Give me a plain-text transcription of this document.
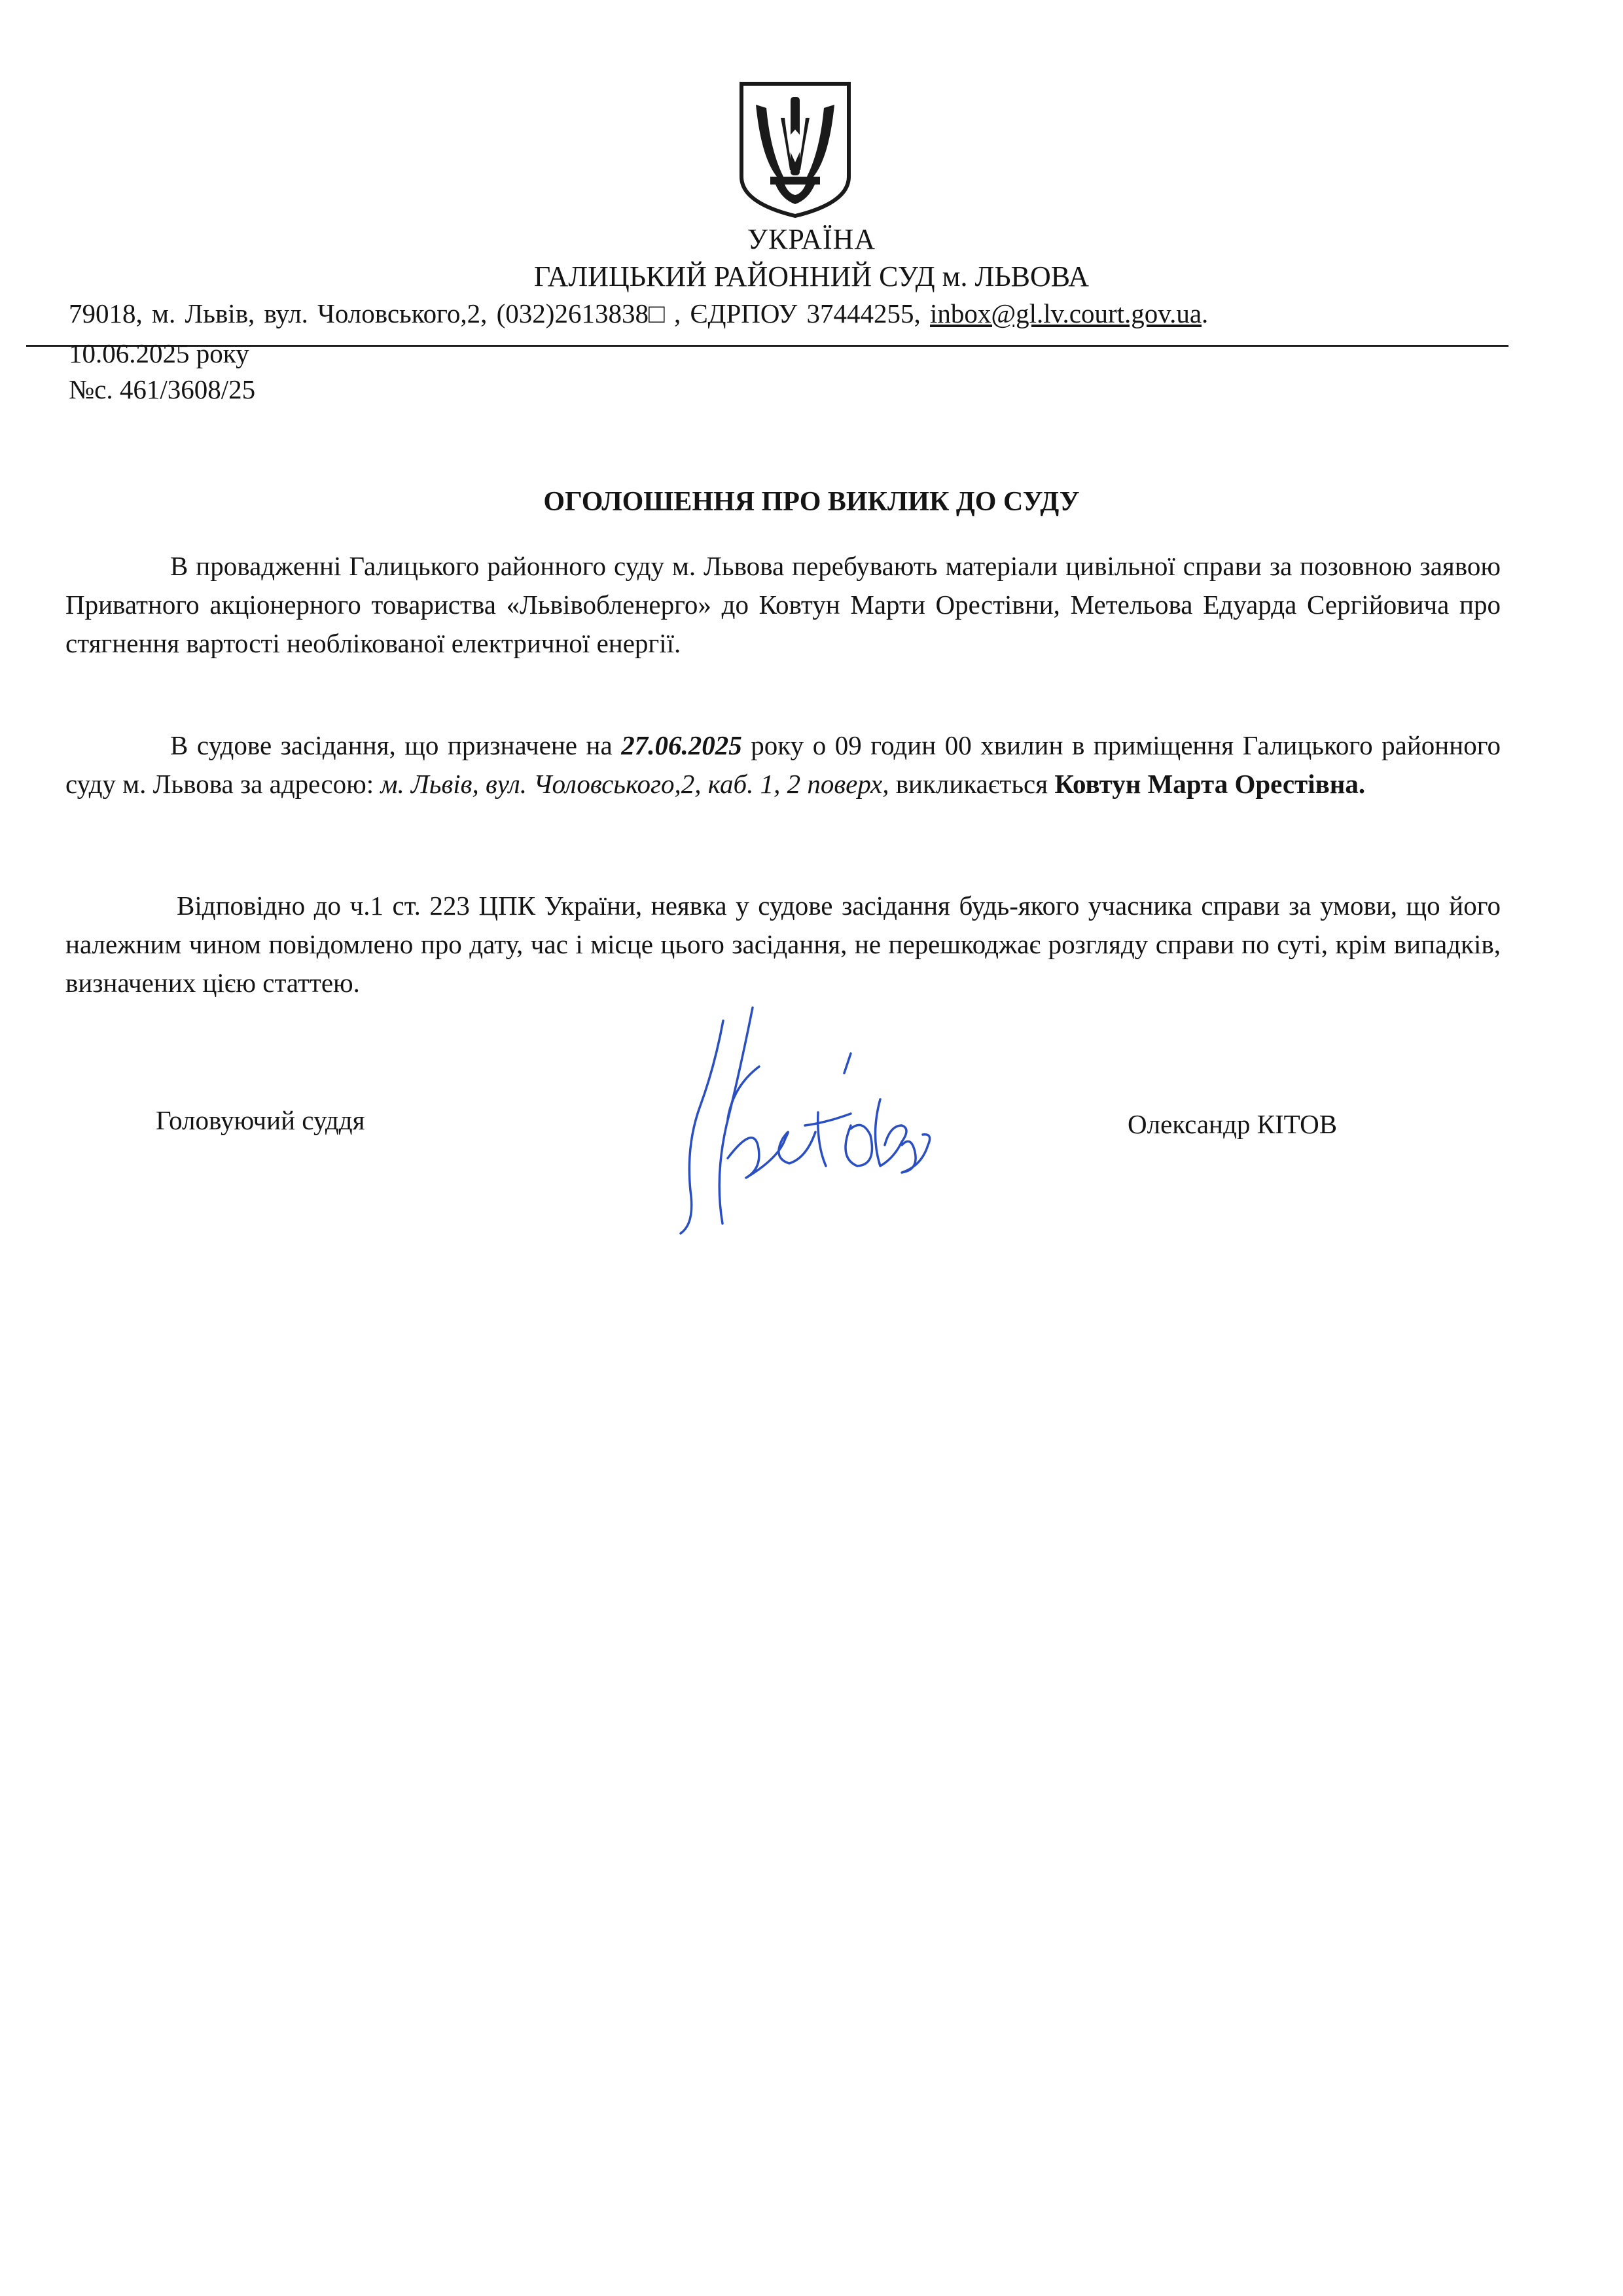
УКРАЇНА
ГАЛИЦЬКИЙ РАЙОННИЙ СУД м. ЛЬВОВА
79018, м. Львів, вул. Чоловського,2, (032)2613838□ , ЄДРПОУ 37444255, inbox@gl.lv.court.gov.ua.
10.06.2025 року
№с. 461/3608/25
ОГОЛОШЕННЯ ПРО ВИКЛИК ДО СУДУ

В провадженні Галицького районного суду м. Львова перебувають матеріали цивільної справи за позовною заявою Приватного акціонерного товариства «Львівобленерго» до Ковтун Марти Орестівни, Метельова Едуарда Сергійовича про стягнення вартості необлікованої електричної енергії.

В судове засідання, що призначене на 27.06.2025 року о 09 годин 00 хвилин в приміщення Галицького районного суду м. Львова за адресою: м. Львів, вул. Чоловського,2, каб. 1, 2 поверх, викликається Ковтун Марта Орестівна.

Відповідно до ч.1 ст. 223 ЦПК України, неявка у судове засідання будь-якого учасника справи за умови, що його належним чином повідомлено про дату, час і місце цього засідання, не перешкоджає розгляду справи по суті, крім випадків, визначених цією статтею.

Головуючий суддя	Олександр КІТОВ
